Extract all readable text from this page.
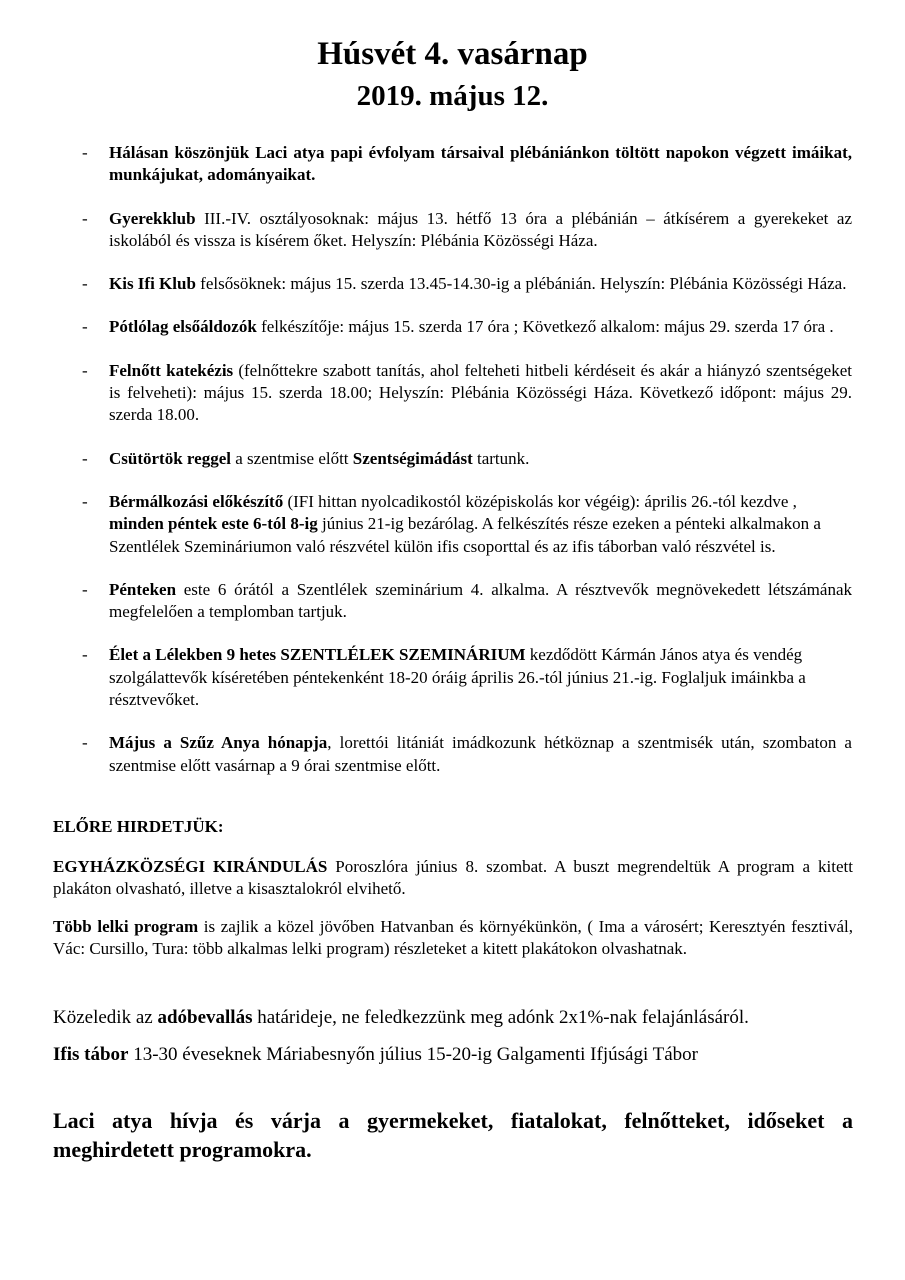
Húsvét 4. vasárnap
2019. május 12.
- Hálásan köszönjük Laci atya papi évfolyam társaival plébániánkon töltött napokon végzett imáikat, munkájukat, adományaikat.
- Gyerekklub III.-IV. osztályosoknak: május 13. hétfő 13 óra a plébánián – átkísérem a gyerekeket az iskolából és vissza is kísérem őket. Helyszín: Plébánia Közösségi Háza.
- Kis Ifi Klub felsősöknek: május 15. szerda 13.45-14.30-ig a plébánián. Helyszín: Plébánia Közösségi Háza.
- Pótlólag elsőáldozók felkészítője: május 15. szerda 17 óra ; Következő alkalom: május 29. szerda 17 óra .
- Felnőtt katekézis (felnőttekre szabott tanítás, ahol felteheti hitbeli kérdéseit és akár a hiányzó szentségeket is felveheti): május 15. szerda 18.00; Helyszín: Plébánia Közösségi Háza. Következő időpont: május 29. szerda 18.00.
- Csütörtök reggel a szentmise előtt Szentségimádást tartunk.
- Bérmálkozási előkészítő (IFI hittan nyolcadikostól középiskolás kor végéig): április 26.-tól kezdve , minden péntek este 6-tól 8-ig június 21-ig bezárólag. A felkészítés része ezeken a pénteki alkalmakon a Szentlélek Szemináriumon való részvétel külön ifis csoporttal és az ifis táborban való részvétel is.
- Pénteken este 6 órától a Szentlélek szeminárium 4. alkalma. A résztvevők megnövekedett létszámának megfelelően a templomban tartjuk.
- Élet a Lélekben 9 hetes SZENTLÉLEK SZEMINÁRIUM kezdődött Kármán János atya és vendég szolgálattevők kíséretében péntekenként 18-20 óráig április 26.-tól június 21.-ig. Foglaljuk imáinkba a résztvevőket.
- Május a Szűz Anya hónapja, lorettói litániát imádkozunk hétköznap a szentmisék után, szombaton a szentmise előtt vasárnap a 9 órai szentmise előtt.
ELŐRE HIRDETJÜK:
EGYHÁZKÖZSÉGI KIRÁNDULÁS Poroszlóra június 8. szombat. A buszt megrendeltük A program a kitett plakáton olvasható, illetve a kisasztalokról elvihető.
Több lelki program is zajlik a közel jövőben Hatvanban és környékünkön, ( Ima a városért; Keresztyén fesztivál, Vác: Cursillo, Tura: több alkalmas lelki program) részleteket a kitett plakátokon olvashatnak.
Közeledik az adóbevallás határideje, ne feledkezzünk meg adónk 2x1%-nak felajánlásáról.
Ifis tábor 13-30 éveseknek Máriabesnyőn július 15-20-ig Galgamenti Ifjúsági Tábor
Laci atya hívja és várja a gyermekeket, fiatalokat, felnőtteket, időseket a meghirdetett programokra.
